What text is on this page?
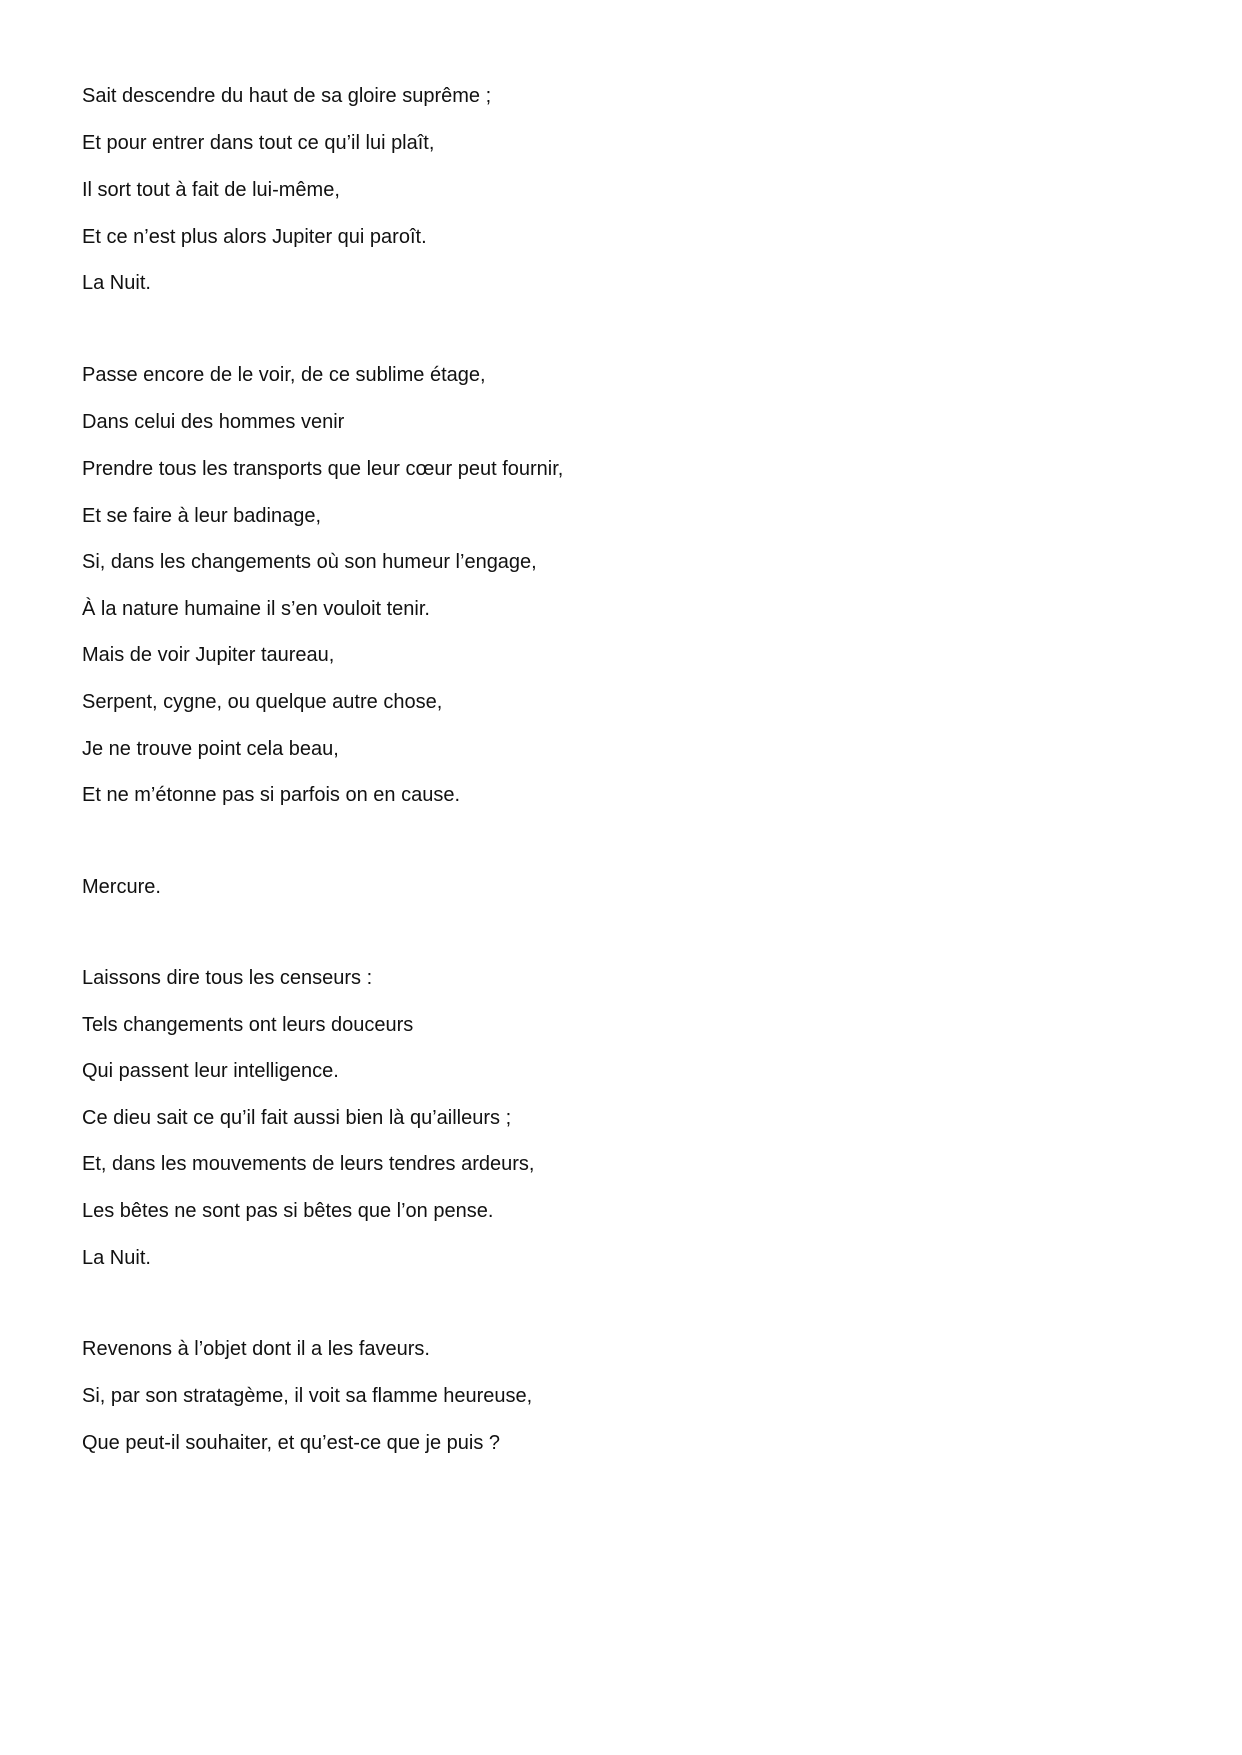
Sait descendre du haut de sa gloire suprême ;
Et pour entrer dans tout ce qu’il lui plaît,
Il sort tout à fait de lui-même,
Et ce n’est plus alors Jupiter qui paroît.
La Nuit.
Passe encore de le voir, de ce sublime étage,
Dans celui des hommes venir
Prendre tous les transports que leur cœur peut fournir,
Et se faire à leur badinage,
Si, dans les changements où son humeur l’engage,
À la nature humaine il s’en vouloit tenir.
Mais de voir Jupiter taureau,
Serpent, cygne, ou quelque autre chose,
Je ne trouve point cela beau,
Et ne m’étonne pas si parfois on en cause.
Mercure.
Laissons dire tous les censeurs :
Tels changements ont leurs douceurs
Qui passent leur intelligence.
Ce dieu sait ce qu’il fait aussi bien là qu’ailleurs ;
Et, dans les mouvements de leurs tendres ardeurs,
Les bêtes ne sont pas si bêtes que l’on pense.
La Nuit.
Revenons à l’objet dont il a les faveurs.
Si, par son stratagème, il voit sa flamme heureuse,
Que peut-il souhaiter, et qu’est-ce que je puis ?
